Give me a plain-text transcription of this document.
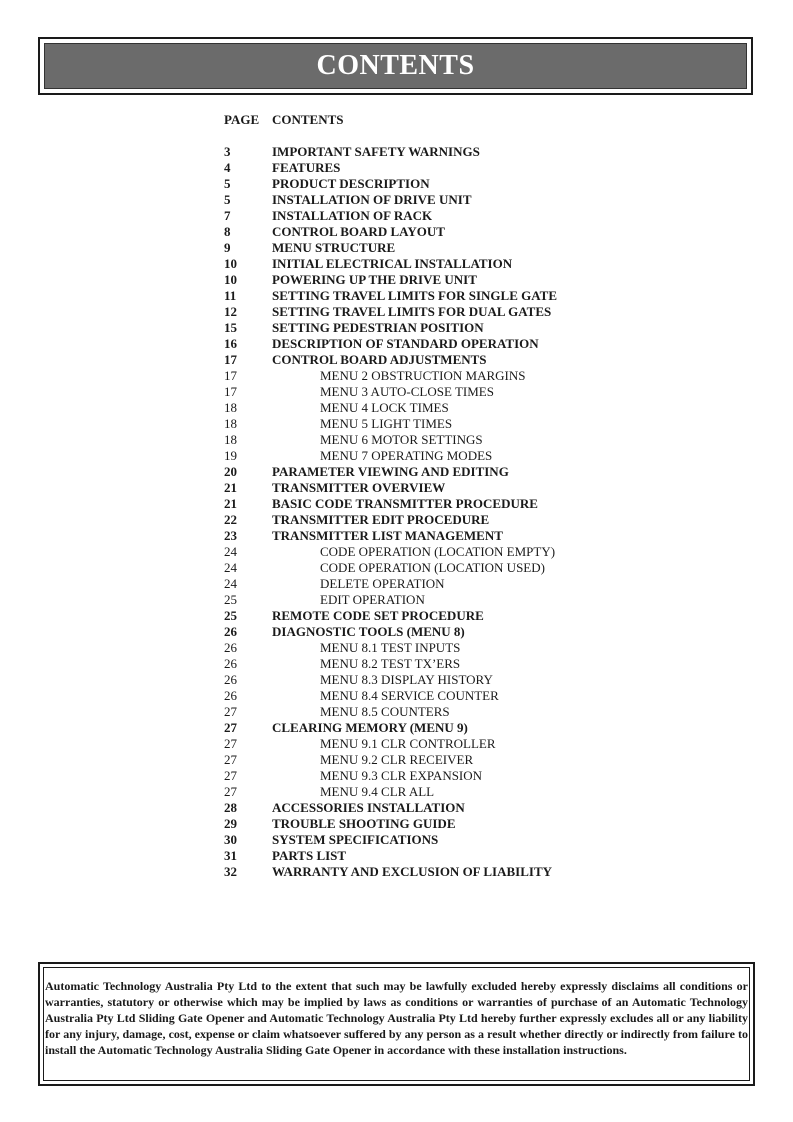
CONTENTS
PAGE CONTENTS
3	IMPORTANT SAFETY WARNINGS
4	FEATURES
5	PRODUCT DESCRIPTION
5	INSTALLATION OF DRIVE UNIT
7	INSTALLATION OF RACK
8	CONTROL BOARD LAYOUT
9	MENU STRUCTURE
10	INITIAL ELECTRICAL INSTALLATION
10	POWERING UP THE DRIVE UNIT
11	SETTING TRAVEL LIMITS FOR SINGLE GATE
12	SETTING TRAVEL LIMITS FOR DUAL GATES
15	SETTING PEDESTRIAN POSITION
16	DESCRIPTION OF STANDARD OPERATION
17	CONTROL BOARD ADJUSTMENTS
17	MENU 2 OBSTRUCTION MARGINS
17	MENU 3 AUTO-CLOSE TIMES
18	MENU 4 LOCK TIMES
18	MENU 5 LIGHT TIMES
18	MENU 6 MOTOR SETTINGS
19	MENU 7 OPERATING MODES
20	PARAMETER VIEWING AND EDITING
21	TRANSMITTER OVERVIEW
21	BASIC CODE TRANSMITTER PROCEDURE
22	TRANSMITTER EDIT PROCEDURE
23	TRANSMITTER LIST MANAGEMENT
24	CODE OPERATION (LOCATION EMPTY)
24	CODE OPERATION (LOCATION USED)
24	DELETE OPERATION
25	EDIT OPERATION
25	REMOTE CODE SET PROCEDURE
26	DIAGNOSTIC TOOLS (MENU 8)
26	MENU 8.1 TEST INPUTS
26	MENU 8.2 TEST TX’ERS
26	MENU 8.3 DISPLAY HISTORY
26	MENU 8.4 SERVICE COUNTER
27	MENU 8.5 COUNTERS
27	CLEARING MEMORY (MENU 9)
27	MENU 9.1 CLR CONTROLLER
27	MENU 9.2 CLR RECEIVER
27	MENU 9.3 CLR EXPANSION
27	MENU 9.4 CLR ALL
28	ACCESSORIES INSTALLATION
29	TROUBLE SHOOTING GUIDE
30	SYSTEM SPECIFICATIONS
31	PARTS LIST
32	WARRANTY AND EXCLUSION OF LIABILITY

Automatic Technology Australia Pty Ltd to the extent that such may be lawfully excluded hereby expressly disclaims all conditions or warranties, statutory or otherwise which may be implied by laws as conditions or warranties of purchase of an Automatic Technology Australia Pty Ltd Sliding Gate Opener and Automatic Technology Australia Pty Ltd hereby further expressly excludes all or any liability for any injury, damage, cost, expense or claim whatsoever suffered by any person as a result whether directly or indirectly from failure to install the Automatic Technology Australia Sliding Gate Opener in accordance with these installation instructions.
